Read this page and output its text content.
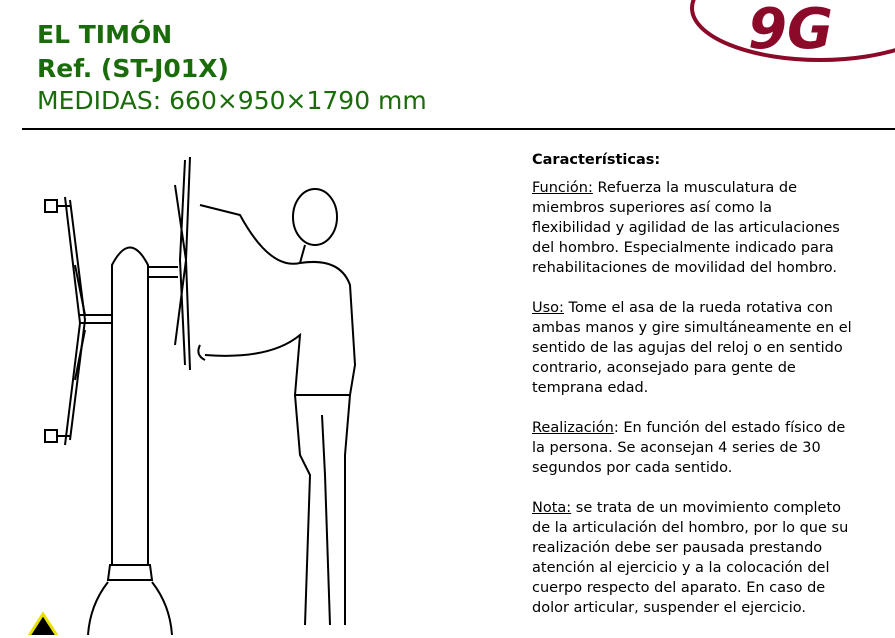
EL TIMÓN
Ref. (ST-J01X)
MEDIDAS: 660×950×1790 mm
9G
Características:
Función: Refuerza la musculatura de
miembros superiores así como la
flexibilidad y agilidad de las articulaciones
del hombro. Especialmente indicado para
rehabilitaciones de movilidad del hombro.
Uso: Tome el asa de la rueda rotativa con
ambas manos y gire simultáneamente en el
sentido de las agujas del reloj o en sentido
contrario, aconsejado para gente de
temprana edad.
Realización: En función del estado físico de
la persona. Se aconsejan 4 series de 30
segundos por cada sentido.
Nota: se trata de un movimiento completo
de la articulación del hombro, por lo que su
realización debe ser pausada prestando
atención al ejercicio y a la colocación del
cuerpo respecto del aparato. En caso de
dolor articular, suspender el ejercicio.
